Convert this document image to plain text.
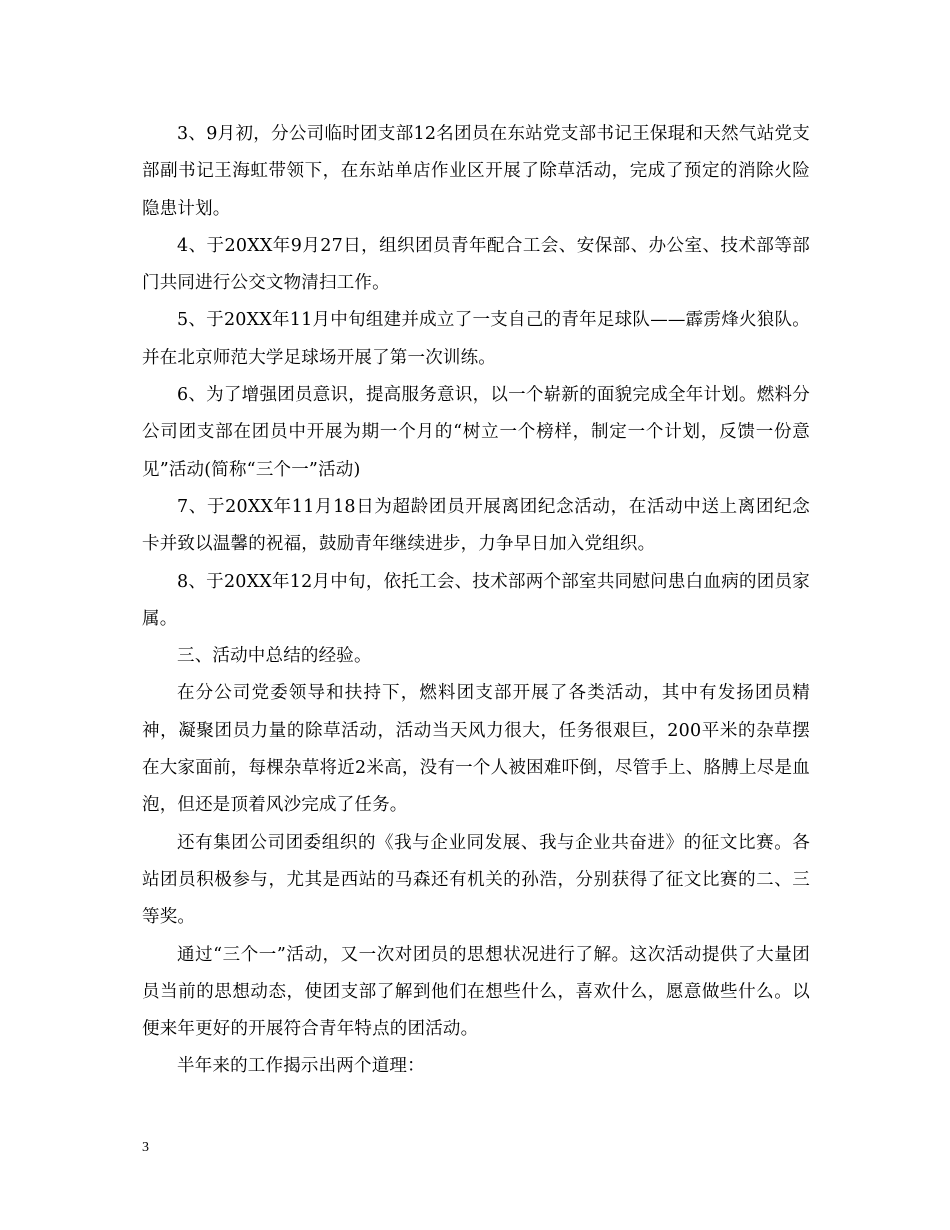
3、9月初，分公司临时团支部12名团员在东站党支部书记王保琨和天然气站党支部副书记王海虹带领下，在东站单店作业区开展了除草活动，完成了预定的消除火险隐患计划。

4、于20XX年9月27日，组织团员青年配合工会、安保部、办公室、技术部等部门共同进行公交文物清扫工作。

5、于20XX年11月中旬组建并成立了一支自己的青年足球队——霹雳烽火狼队。并在北京师范大学足球场开展了第一次训练。

6、为了增强团员意识，提高服务意识，以一个崭新的面貌完成全年计划。燃料分公司团支部在团员中开展为期一个月的“树立一个榜样，制定一个计划，反馈一份意见”活动(简称“三个一”活动)

7、于20XX年11月18日为超龄团员开展离团纪念活动，在活动中送上离团纪念卡并致以温馨的祝福，鼓励青年继续进步，力争早日加入党组织。

8、于20XX年12月中旬，依托工会、技术部两个部室共同慰问患白血病的团员家属。

三、活动中总结的经验。

在分公司党委领导和扶持下，燃料团支部开展了各类活动，其中有发扬团员精神，凝聚团员力量的除草活动，活动当天风力很大，任务很艰巨，200平米的杂草摆在大家面前，每棵杂草将近2米高，没有一个人被困难吓倒，尽管手上、胳膊上尽是血泡，但还是顶着风沙完成了任务。

还有集团公司团委组织的《我与企业同发展、我与企业共奋进》的征文比赛。各站团员积极参与，尤其是西站的马森还有机关的孙浩，分别获得了征文比赛的二、三等奖。

通过“三个一”活动，又一次对团员的思想状况进行了解。这次活动提供了大量团员当前的思想动态，使团支部了解到他们在想些什么，喜欢什么，愿意做些什么。以便来年更好的开展符合青年特点的团活动。

半年来的工作揭示出两个道理：

3
